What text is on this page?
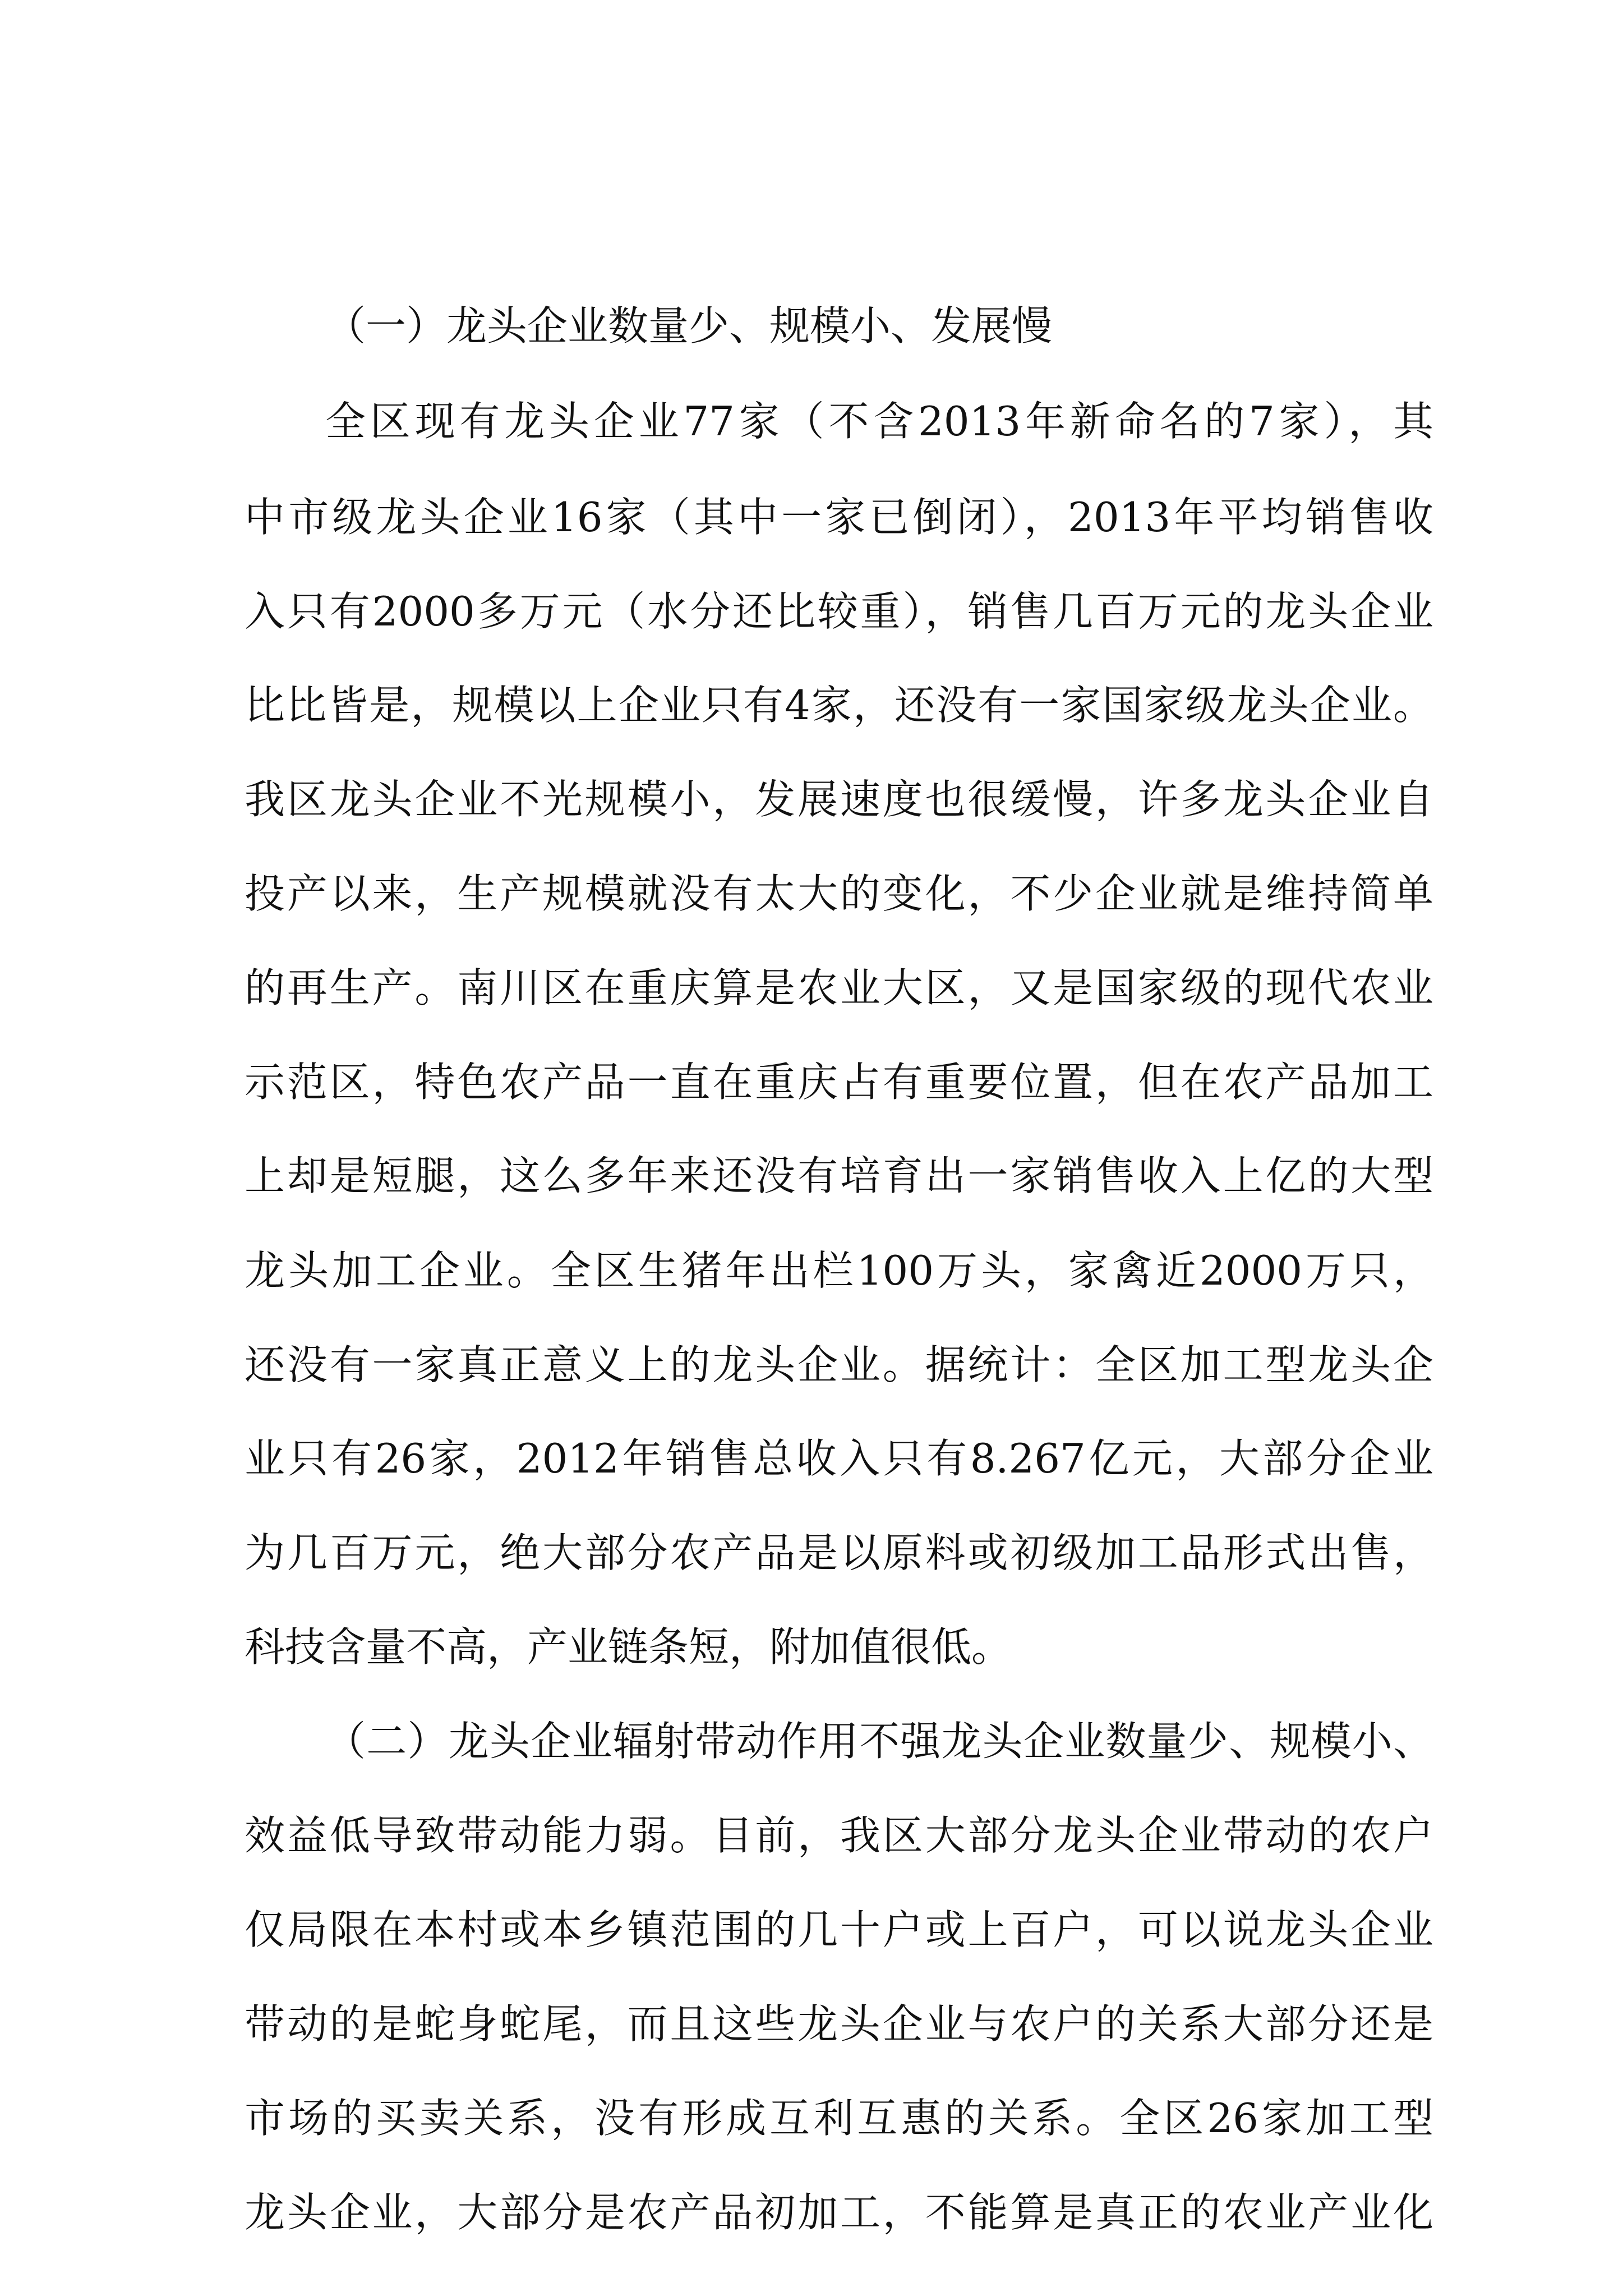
（一）龙头企业数量少、规模小、发展慢

全区现有龙头企业77家（不含2013年新命名的7家），其

中市级龙头企业16家（其中一家已倒闭），2013年平均销售收

入只有2000多万元（水分还比较重），销售几百万元的龙头企业

比比皆是，规模以上企业只有4家，还没有一家国家级龙头企业。

我区龙头企业不光规模小，发展速度也很缓慢，许多龙头企业自

投产以来，生产规模就没有太大的变化，不少企业就是维持简单

的再生产。南川区在重庆算是农业大区，又是国家级的现代农业

示范区，特色农产品一直在重庆占有重要位置，但在农产品加工

上却是短腿，这么多年来还没有培育出一家销售收入上亿的大型

龙头加工企业。全区生猪年出栏100万头，家禽近2000万只，

还没有一家真正意义上的龙头企业。据统计：全区加工型龙头企

业只有26家，2012年销售总收入只有8.267亿元，大部分企业

为几百万元，绝大部分农产品是以原料或初级加工品形式出售，

科技含量不高，产业链条短，附加值很低。

（二）龙头企业辐射带动作用不强龙头企业数量少、规模小、

效益低导致带动能力弱。目前，我区大部分龙头企业带动的农户

仅局限在本村或本乡镇范围的几十户或上百户，可以说龙头企业

带动的是蛇身蛇尾，而且这些龙头企业与农户的关系大部分还是

市场的买卖关系，没有形成互利互惠的关系。全区26家加工型

龙头企业，大部分是农产品初加工，不能算是真正的农业产业化
